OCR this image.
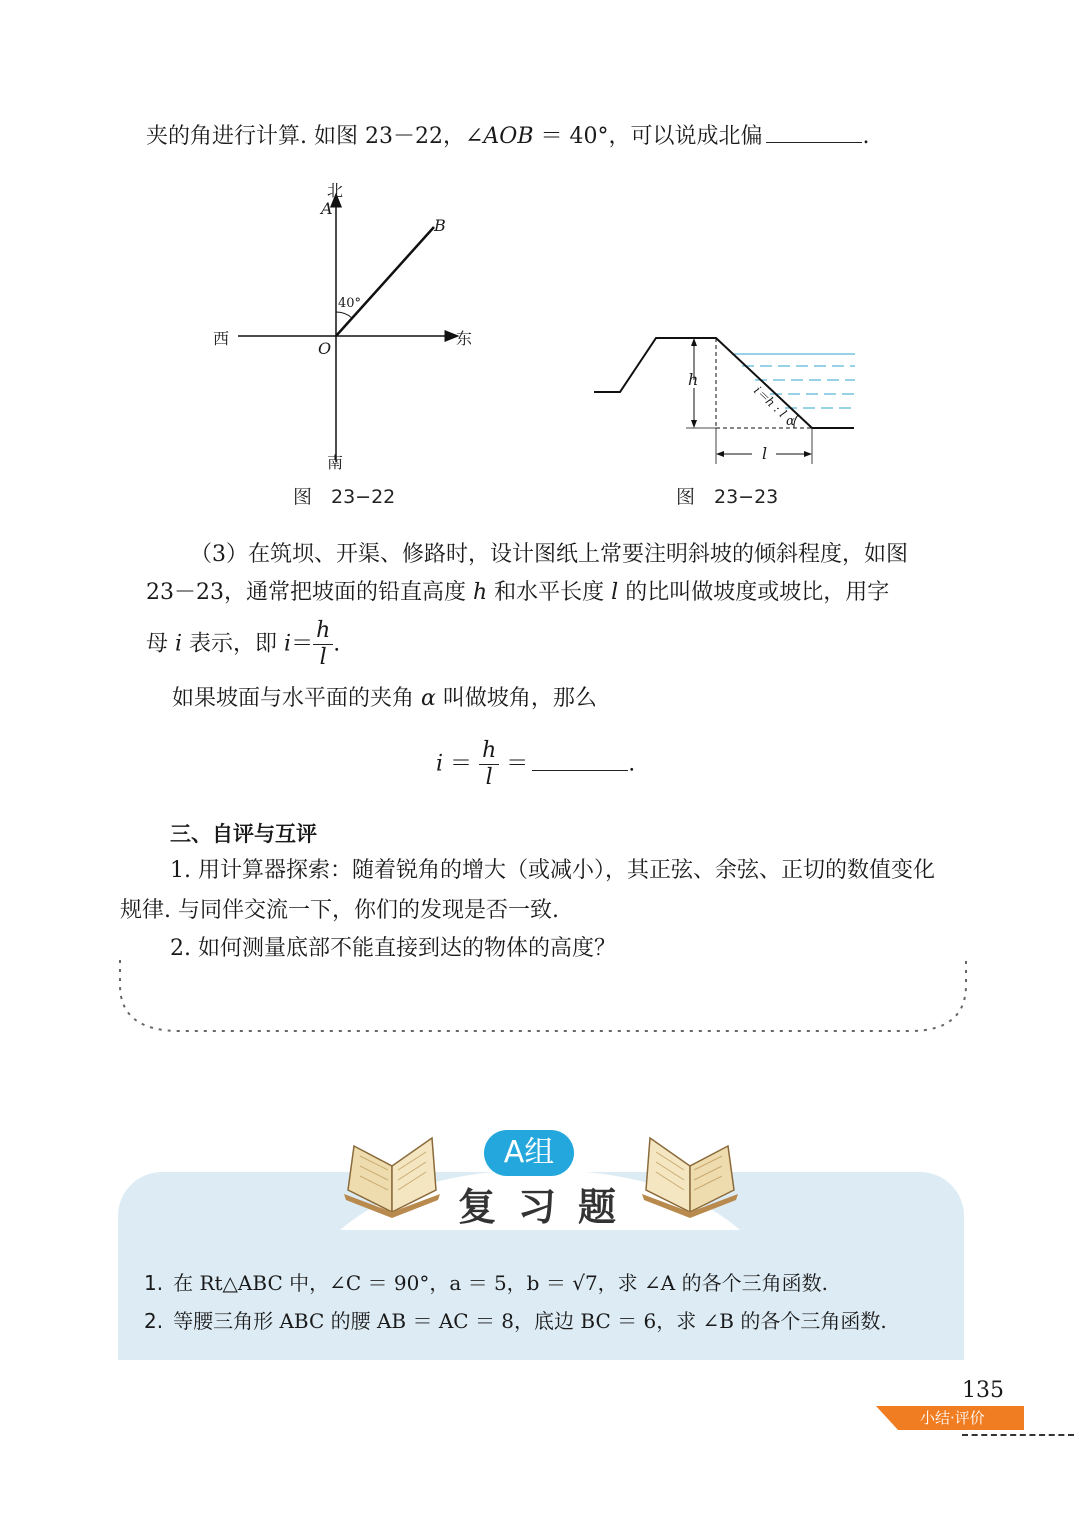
夹的角进行计算. 如图 23－22，∠AOB ＝ 40°，可以说成北偏	.
北
A
B
40°
西	东
O
南
图　23−22
h
l
i＝h : l
α
图　23−23
（3）在筑坝、开渠、修路时，设计图纸上常要注明斜坡的倾斜程度，如图
23－23，通常把坡面的铅直高度 h 和水平长度 l 的比叫做坡度或坡比，用字
母 i 表示，即 $i= \frac{h}{l}$ .
如果坡面与水平面的夹角 α 叫做坡角，那么
$i = \frac{h}{l}$ ＝	.
三、自评与互评
1. 用计算器探索：随着锐角的增大（或减小），其正弦、余弦、正切的数值变化
规律. 与同伴交流一下，你们的发现是否一致.
2. 如何测量底部不能直接到达的物体的高度？
A组
复习题
1. 在 Rt△ABC 中，∠C ＝ 90°，a ＝ 5，b ＝ √7，求 ∠A 的各个三角函数.
2. 等腰三角形 ABC 的腰 AB ＝ AC ＝ 8，底边 BC ＝ 6，求 ∠B 的各个三角函数.
135
小结·评价
